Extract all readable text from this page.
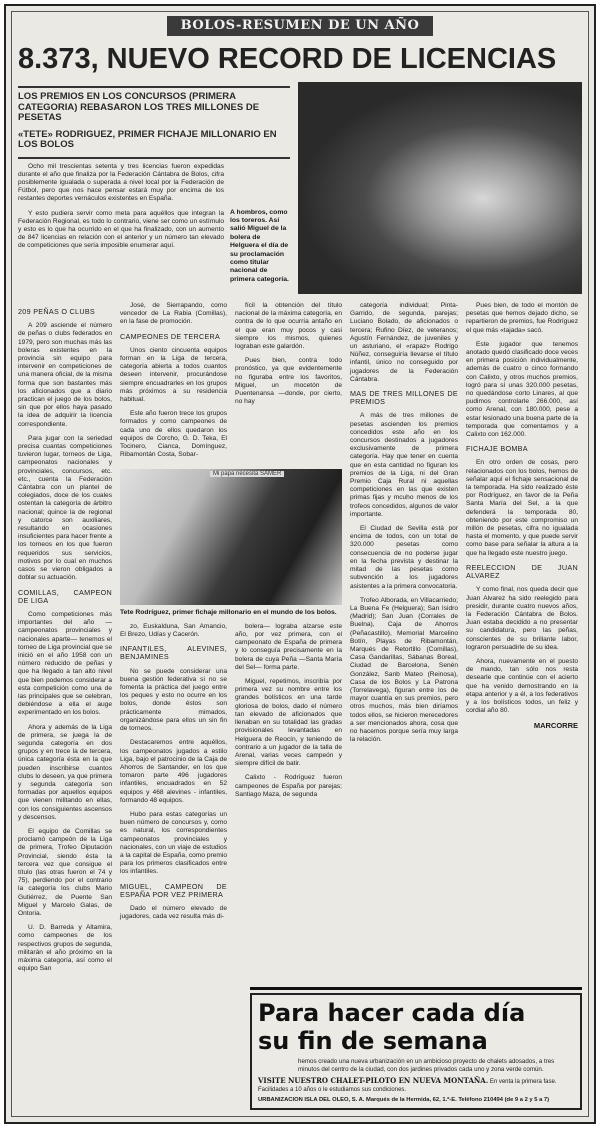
BOLOS-RESUMEN DE UN AÑO
8.373, NUEVO RECORD DE LICENCIAS
LOS PREMIOS EN LOS CONCURSOS (PRIMERA CATEGORIA) REBASARON LOS TRES MILLONES DE PESETAS
«TETE» RODRIGUEZ, PRIMER FICHAJE MILLONARIO EN LOS BOLOS

Ocho mil trescientas setenta y tres licencias fueron expedidas durante el año que finaliza por la Federación Cántabra de Bolos, cifra posiblemente igualada o superada a nivel local por la Federación de Fútbol, pero que nos hace pensar estará muy por encima de los restantes deportes vernáculos existentes en España.

Y esto pudiera servir como meta para aquéllos que integran la Federación Regional, es todo lo contrario, viene ser como un estímulo y esto es lo que ha ocurrido en el que ha finalizado, con un aumento de 847 licencias en relación con el anterior y un número tan elevado de competiciones que sería imposible enumerar aquí.

A hombros, como los toreros. Así salió Miguel de la bolera de Helguera el día de su proclamación como titular nacional de primera categoría.
209 PEÑAS O CLUBS

A 209 asciende el número de peñas o clubs federados en 1979, pero son muchas más las boleras existentes en la provincia sin equipo para intervenir en competiciones de una manera oficial, de la misma forma que son bastantes más los aficionados que a diario practican el juego de los bolos, sin que por ellos haya pasado la idea de adquirir la licencia correspondiente.

Para jugar con la seriedad precisa cuantas competiciones tuvieron lugar, torneos de Liga, campeonatos nacionales y provinciales, concursos, etc. etc., cuenta la Federación Cántabra con un plantel de colegiados, doce de los cuales ostentan la categoría de árbitro nacional; quince la de regional y catorce son auxiliares, resultando en ocasiones insuficientes para hacer frente a los torneos en los que fueron requeridos sus servicios, motivos por lo cual en muchos casos se vieron obligados a doblar su actuación.

COMILLAS, CAMPEON DE LIGA

Como competiciones más importantes del año —campeonatos provinciales y nacionales aparte— tenemos el torneo de Liga provincial que se inició en el año 1958 con un número reducido de peñas y que ha llegado a tan alto nivel que bien podemos considerar a esta competición como una de las principales que se celebran, debiéndose a ella el auge experimentado en los bolos.

Ahora y además de la Liga de primera, se juega la de segunda categoría en dos grupos y en trece la de tercera, única categoría ésta en la que pueden inscribirse cuantos clubs lo deseen, ya que primera y segunda categoría son formadas por aquellos equipos que vienen militando en ellas, con los consiguientes ascensos y descensos.

El equipo de Comillas se proclamó campeón de la Liga de primera, Trofeo Diputación Provincial, siendo ésta la tercera vez que consigue el título (las otras fueron el 74 y 75), perdiendo por el contrario la categoría los clubs Mario Gutiérrez, de Puente San Miguel y Marcelo Galas, de Ontoria.

U. D. Barreda y Altamira, como campeones de los respectivos grupos de segunda, militarán el año próximo en la máxima categoría, así como el equipo San

José, de Sierrapando, como vencedor de La Rabia (Comillas), en la fase de promoción.

CAMPEONES DE TERCERA

Unos ciento cincuenta equipos forman en la Liga de tercera, categoría abierta a todos cuantos deseen intervenir, procurándose siempre encuadrarles en los grupos más próximos a su residencia habitual.

Este año fueron trece los grupos formados y como campeones de cada uno de ellos quedaron los equipos de Corcho, G. D. Teka, El Tocinero, Cianca, Domínguez, Ribamontán Costa, Sobar-

fícil la obtención del título nacional de la máxima categoría, en contra de lo que ocurría antaño en el que eran muy pocos y casi siempre los mismos, quienes lograban este galardón.

Pues bien, contra todo pronóstico, ya que evidentemente no figuraba entre los favoritos, Miguel, un mocetón de Puentenansa —donde, por cierto, no hay

Mi papa necesita SAMER
Tete Rodríguez, primer fichaje millonario en el mundo de los bolos.

zo, Euskalduna, San Amancio, El Brezo, Udías y Cacerón.

INFANTILES, ALEVINES, BENJAMINES

No se puede considerar una buena gestión federativa si no se fomenta la práctica del juego entre los peques y esto no ocurre en los bolos, donde éstos son prácticamente mimados, organizándose para ellos un sin fin de torneos.

Destacaremos entre aquéllos, los campeonatos jugados a estilo Liga, bajo el patrocinio de la Caja de Ahorros de Santander, en los que tomaron parte 496 jugadores infantiles, encuadrados en 52 equipos y 468 alevines - infantiles, formando 48 equipos.

Hubo para estas categorías un buen número de concursos y, como es natural, los correspondientes campeonatos provinciales y nacionales, con un viaje de estudios a la capital de España, como premio para los primeros clasificados entre los infantiles.

MIGUEL, CAMPEON DE ESPAÑA POR VEZ PRIMERA

Dado el número elevado de jugadores, cada vez resulta más di-

bolera— lograba alzarse este año, por vez primera, con el campeonato de España de primera y lo conseguía precisamente en la bolera de cuya Peña —Santa María del Sel— forma parte.

Miguel, repetimos, inscribía por primera vez su nombre entre los grandes bolísticos en una tarde gloriosa de bolos, dado el número tan elevado de aficionados que llenaban en su totalidad las gradas provisionales levantadas en Helguera de Reocín, y teniendo de contrario a un jugador de la talla de Arenal, varias veces campeón y siempre difícil de batir.

Calixto - Rodríguez fueron campeones de España por parejas; Santiago Maza, de segunda

categoría individual; Pinta-Garrido, de segunda, parejas; Luciano Bolado, de aficionados o tercera; Rufino Díez, de veteranos; Agustín Fernández, de juveniles y un asturiano, el «rapaz» Rodrigo Núñez, conseguiría llevarse el título infantil, único no conseguido por jugadores de la Federación Cántabra.

MAS DE TRES MILLONES DE PREMIOS

A más de tres millones de pesetas ascienden los premios concedidos este año en los concursos destinados a jugadores exclusivamente de primera categoría. Hay que tener en cuenta que en esta cantidad no figuran los premios de la Liga, ni del Gran Premio Caja Rural ni aquellas competiciones en las que existen primas fijas y mcuho menos de los trofeos concedidos, algunos de valor importante.

El Ciudad de Sevilla está por encima de todos, con un total de 320.000 pesetas como consecuencia de no poderse jugar en la fecha prevista y destinar la mitad de las pesetas como subvención a los jugadores asistentes a la primera convocatoria.

Trofeo Alborada, en Villacarriedo; La Buena Fe (Helguera); San Isidro (Madrid); San Juan (Corrales de Buelna), Caja de Ahorros (Peñacastillo), Memorial Marcelino Botín, Playas de Ribamontán, Marqués de Retortillo (Comillas), Casa Gandarillas, Sábanas Boreal, Ciudad de Barcelona, Senén González, Sanb Mateo (Reinosa), Casa de los Bolos y La Patrona (Torrelavega), figuran entre los de mayor cuantía en sus premios, pero otros muchos, más bien diríamos todos ellos, se hicieron merecedores a ser mencionados ahora, cosa que no hacemos porque sería muy larga la relación.

Pues bien, de todo el montón de pesetas que hemos dejado dicho, se repartieron de premios, fue Rodríguez el que más «tajada» sacó.

Este jugador que tenemos anotado quedó clasificado doce veces en primera posición individualmente, además de cuatro o cinco formando con Calixto, y otros muchos premios, logró para sí unas 320.000 pesetas, no quedándose corto Linares, al que pudimos controlarle 266.000, así como Arenal, con 180.000, pese a estar lesionado una buena parte de la temporada que comentamos y a Calixto con 162.000.

FICHAJE BOMBA

En otro orden de cosas, pero relacionados con los bolos, hemos de señalar aquí el fichaje sensacional de la temporada. Ha sido realizado éste por Rodríguez, en favor de la Peña Santa María del Sel, a la que defenderá la temporada 80, obteniendo por este compromiso un millón de pesetas, cifra no igualada hasta el momento, y que puede servir como base para señalar la altura a la que ha llegado este nuestro juego.

REELECCION DE JUAN ALVAREZ

Y como final, nos queda decir que Juan Alvarez ha sido reelegido para presidir, durante cuatro nuevos años, la Federación Cántabra de Bolos. Juan estaba decidido a no presentar su candidatura, pero las peñas, conscientes de su brillante labor, lograron persuadirle de su idea.

Ahora, nuevamente en el puesto de mando, tan sólo nos resta desearle que continúe con el acierto que ha venido demostrando en la etapa anterior y a él, a los federativos y a los bolísticos todos, un feliz y cordial año 80.

MARCORRE
Para hacer cada día
su fin de semana
hemos creado una nueva urbanización en un ambicioso proyecto de chalets adosados, a tres minutos del centro de la ciudad, con dos jardines privados cada uno y zona verde común.
VISITE NUESTRO CHALET-PILOTO EN NUEVA MONTAÑA. En venta la primera fase. Facilidades a 10 años o le estudiamos sus condiciones.
URBANIZACION ISLA DEL OLEO, S. A. Marqués de la Hermida, 62, 1.º-E. Teléfono 210494 (de 9 a 2 y 5 a 7)
